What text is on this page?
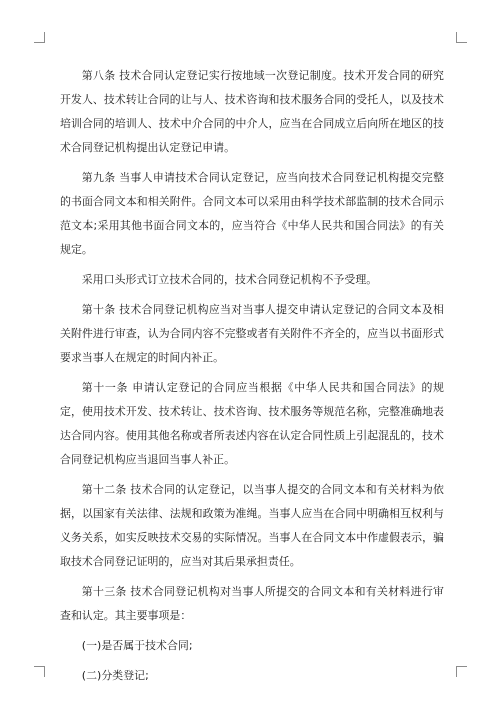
第八条 技术合同认定登记实行按地域一次登记制度。技术开发合同的研究开发人、技术转让合同的让与人、技术咨询和技术服务合同的受托人，以及技术培训合同的培训人、技术中介合同的中介人，应当在合同成立后向所在地区的技术合同登记机构提出认定登记申请。

第九条 当事人申请技术合同认定登记，应当向技术合同登记机构提交完整的书面合同文本和相关附件。合同文本可以采用由科学技术部监制的技术合同示范文本;采用其他书面合同文本的，应当符合《中华人民共和国合同法》的有关规定。

采用口头形式订立技术合同的，技术合同登记机构不予受理。

第十条 技术合同登记机构应当对当事人提交申请认定登记的合同文本及相关附件进行审查，认为合同内容不完整或者有关附件不齐全的，应当以书面形式要求当事人在规定的时间内补正。

第十一条 申请认定登记的合同应当根据《中华人民共和国合同法》的规定，使用技术开发、技术转让、技术咨询、技术服务等规范名称，完整准确地表达合同内容。使用其他名称或者所表述内容在认定合同性质上引起混乱的，技术合同登记机构应当退回当事人补正。

第十二条 技术合同的认定登记，以当事人提交的合同文本和有关材料为依据，以国家有关法律、法规和政策为准绳。当事人应当在合同中明确相互权利与义务关系，如实反映技术交易的实际情况。当事人在合同文本中作虚假表示，骗取技术合同登记证明的，应当对其后果承担责任。

第十三条 技术合同登记机构对当事人所提交的合同文本和有关材料进行审查和认定。其主要事项是：

(一)是否属于技术合同;

(二)分类登记;
